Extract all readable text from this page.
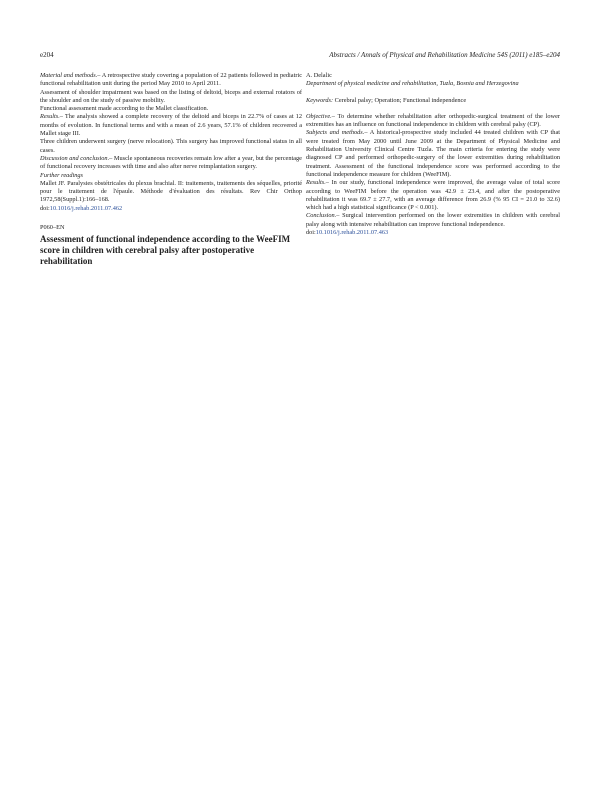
e204	Abstracts / Annals of Physical and Rehabilitation Medicine 54S (2011) e185–e204

Material and methods.– A retrospective study covering a population of 22 patients followed in pediatric functional rehabilitation unit during the period May 2010 to April 2011.

Assessment of shoulder impairment was based on the listing of deltoid, biceps and external rotators of the shoulder and on the study of passive mobility.

Functional assessment made according to the Mallet classification.

Results.– The analysis showed a complete recovery of the deltoid and biceps in 22.7% of cases at 12 months of evolution. In functional terms and with a mean of 2.6 years, 57.1% of children recovered a Mallet stage III.

Three children underwent surgery (nerve relocation). This surgery has improved functional status in all cases.

Discussion and conclusion.– Muscle spontaneous recoveries remain low after a year, but the percentage of functional recovery increases with time and also after nerve reimplantation surgery.

Further readings

Mallet JF. Paralysies obstétricales du plexus brachial. II: traitements, traitements des séquelles, priorité pour le traitement de l'épaule. Méthode d'évaluation des résultats. Rev Chir Orthop 1972,58(Suppl.1):166–168.

doi:10.1016/j.rehab.2011.07.462

P060–EN

Assessment of functional independence according to the WeeFIM score in children with cerebral palsy after postoperative rehabilitation

A. Delalic

Department of physical medicine and rehabilitation, Tuzla, Bosnia and Herzegovina

Keywords: Cerebral palsy; Operation; Functional independence

Objective.– To determine whether rehabilitation after orthopedic-surgical treatment of the lower extremities has an influence on functional independence in children with cerebral palsy (CP).

Subjects and methods.– A historical-prospective study included 44 treated children with CP that were treated from May 2000 until June 2009 at the Department of Physical Medicine and Rehabilitation University Clinical Centre Tuzla. The main criteria for entering the study were diagnosed CP and performed orthopedic-surgery of the lower extremities during rehabilitation treatment. Assessment of the functional independence score was performed according to the functional independence measure for children (WeeFIM).

Results.– In our study, functional independence were improved, the average value of total score according to WeeFIM before the operation was 42.9 ± 23.4, and after the postoperative rehabilitation it was 69.7 ± 27.7, with an average difference from 26.9 (% 95 CI = 21.0 to 32.6) which had a high statistical significance (P < 0.001).

Conclusion.– Surgical intervention performed on the lower extremities in children with cerebral palsy along with intensive rehabilitation can improve functional independence.

doi:10.1016/j.rehab.2011.07.463
